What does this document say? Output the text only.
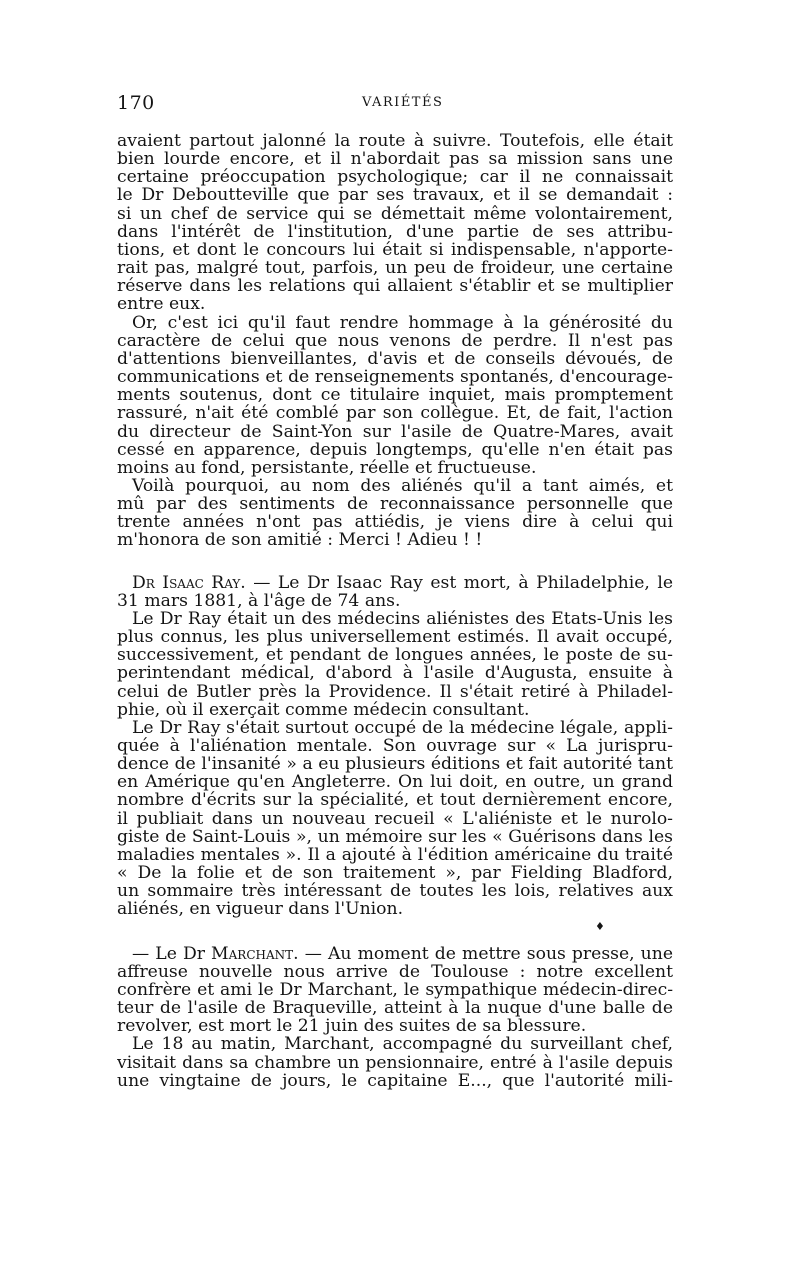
170	VARIÉTÉS
avaient partout jalonné la route à suivre. Toutefois, elle était
bien lourde encore, et il n'abordait pas sa mission sans une
certaine préoccupation psychologique; car il ne connaissait
le Dr Deboutteville que par ses travaux, et il se demandait :
si un chef de service qui se démettait même volontairement,
dans l'intérêt de l'institution, d'une partie de ses attribu-
tions, et dont le concours lui était si indispensable, n'apporte-
rait pas, malgré tout, parfois, un peu de froideur, une certaine
réserve dans les relations qui allaient s'établir et se multiplier
entre eux.
Or, c'est ici qu'il faut rendre hommage à la générosité du
caractère de celui que nous venons de perdre. Il n'est pas
d'attentions bienveillantes, d'avis et de conseils dévoués, de
communications et de renseignements spontanés, d'encourage-
ments soutenus, dont ce titulaire inquiet, mais promptement
rassuré, n'ait été comblé par son collègue. Et, de fait, l'action
du directeur de Saint-Yon sur l'asile de Quatre-Mares, avait
cessé en apparence, depuis longtemps, qu'elle n'en était pas
moins au fond, persistante, réelle et fructueuse.
Voilà pourquoi, au nom des aliénés qu'il a tant aimés, et
mû par des sentiments de reconnaissance personnelle que
trente années n'ont pas attiédis, je viens dire à celui qui
m'honora de son amitié : Merci ! Adieu ! !
Dr Isaac Ray. — Le Dr Isaac Ray est mort, à Philadelphie, le
31 mars 1881, à l'âge de 74 ans.
Le Dr Ray était un des médecins aliénistes des Etats-Unis les
plus connus, les plus universellement estimés. Il avait occupé,
successivement, et pendant de longues années, le poste de su-
perintendant médical, d'abord à l'asile d'Augusta, ensuite à
celui de Butler près la Providence. Il s'était retiré à Philadel-
phie, où il exerçait comme médecin consultant.
Le Dr Ray s'était surtout occupé de la médecine légale, appli-
quée à l'aliénation mentale. Son ouvrage sur « La jurispru-
dence de l'insanité » a eu plusieurs éditions et fait autorité tant
en Amérique qu'en Angleterre. On lui doit, en outre, un grand
nombre d'écrits sur la spécialité, et tout dernièrement encore,
il publiait dans un nouveau recueil « L'aliéniste et le nurolo-
giste de Saint-Louis », un mémoire sur les « Guérisons dans les
maladies mentales ». Il a ajouté à l'édition américaine du traité
« De la folie et de son traitement », par Fielding Bladford,
un sommaire très intéressant de toutes les lois, relatives aux
aliénés, en vigueur dans l'Union.
♦
— Le Dr Marchant. — Au moment de mettre sous presse, une
affreuse nouvelle nous arrive de Toulouse : notre excellent
confrère et ami le Dr Marchant, le sympathique médecin-direc-
teur de l'asile de Braqueville, atteint à la nuque d'une balle de
revolver, est mort le 21 juin des suites de sa blessure.
Le 18 au matin, Marchant, accompagné du surveillant chef,
visitait dans sa chambre un pensionnaire, entré à l'asile depuis
une vingtaine de jours, le capitaine E..., que l'autorité mili-
